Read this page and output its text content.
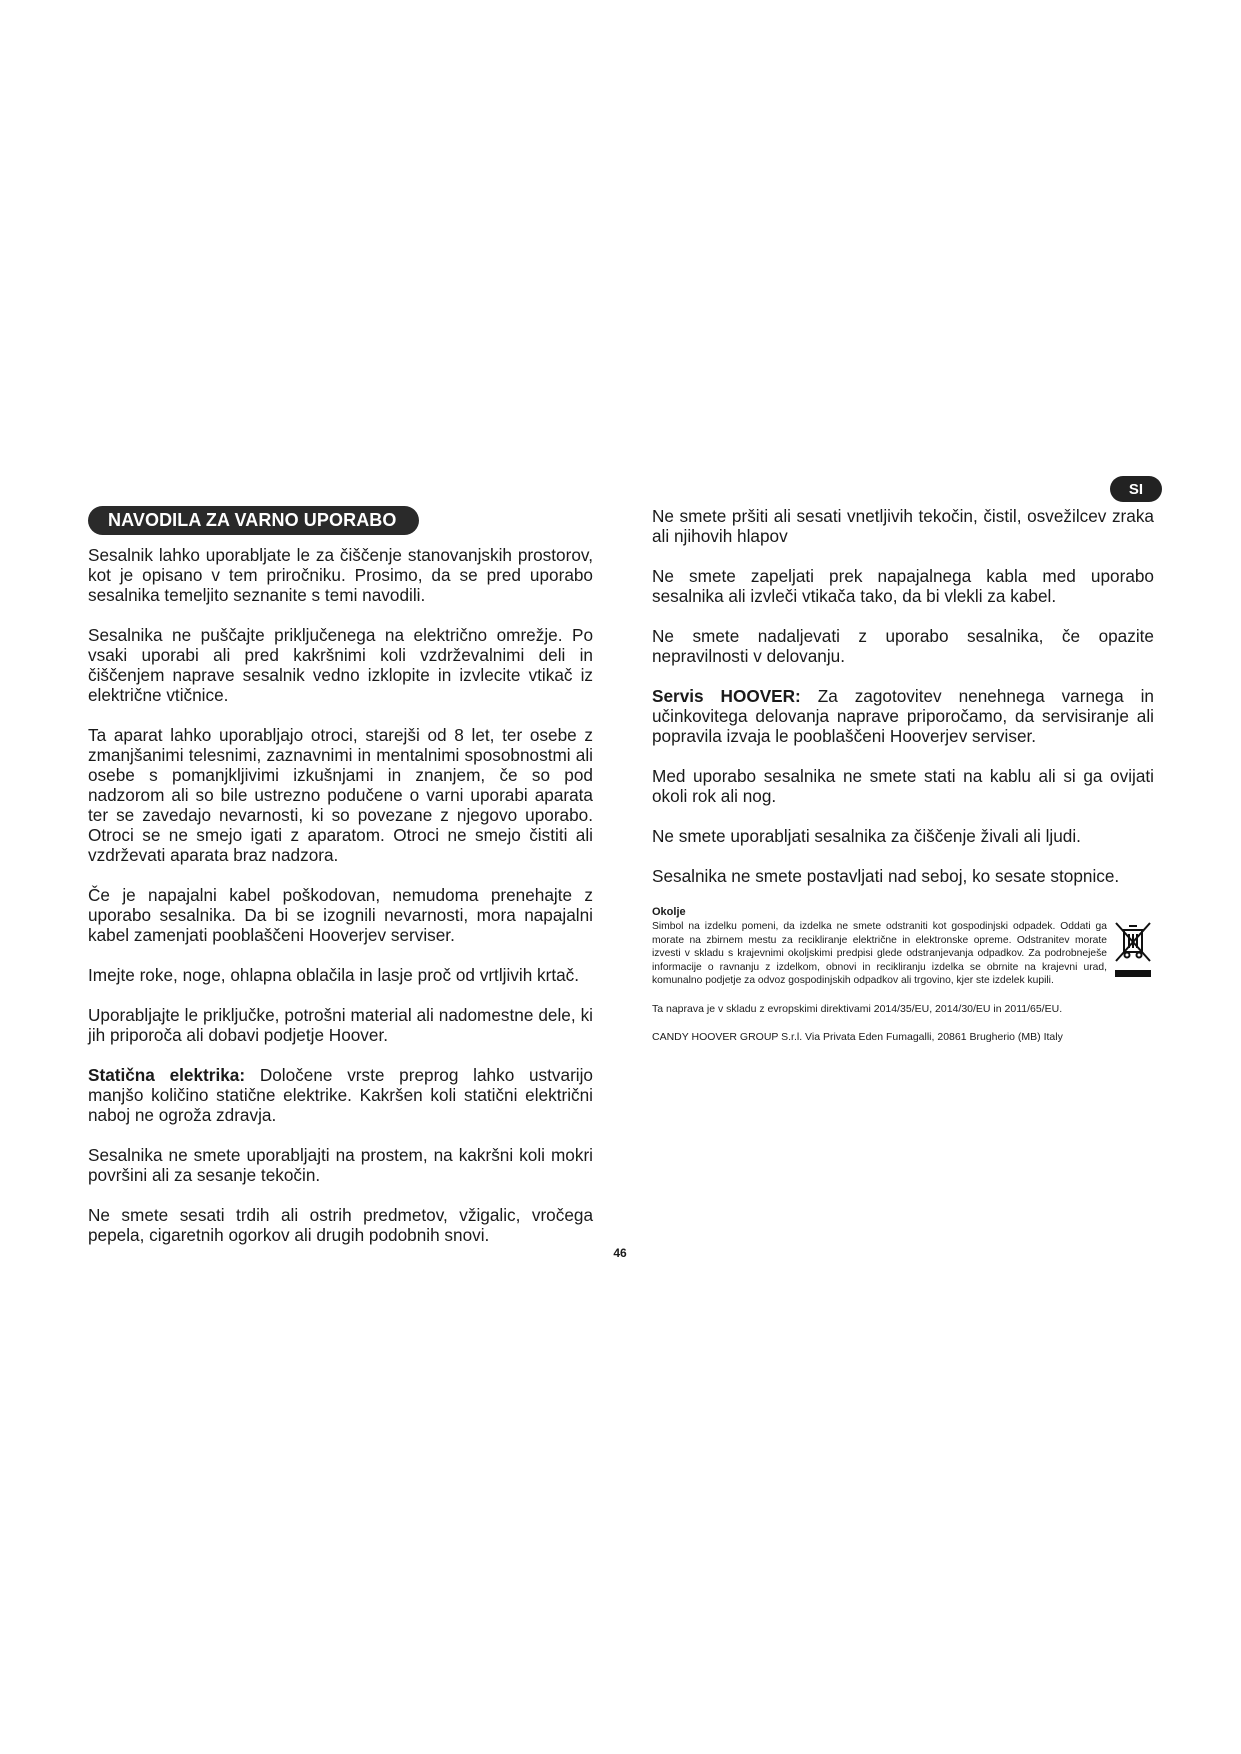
SI
NAVODILA ZA VARNO UPORABO

Sesalnik lahko uporabljate le za čiščenje stanovanjskih prostorov, kot je opisano v tem priročniku. Prosimo, da se pred uporabo sesalnika temeljito seznanite s temi navodili.

Sesalnika ne puščajte priključenega na električno omrežje. Po vsaki uporabi ali pred kakršnimi koli vzdrževalnimi deli in čiščenjem naprave sesalnik vedno izklopite in izvlecite vtikač iz električne vtičnice.

Ta aparat lahko uporabljajo otroci, starejši od 8 let, ter osebe z zmanjšanimi telesnimi, zaznavnimi in mentalnimi sposobnostmi ali osebe s pomanjkljivimi izkušnjami in znanjem, če so pod nadzorom ali so bile ustrezno podučene o varni uporabi aparata ter se zavedajo nevarnosti, ki so povezane z njegovo uporabo. Otroci se ne smejo igati z aparatom. Otroci ne smejo čistiti ali vzdrževati aparata braz nadzora.

Če je napajalni kabel poškodovan, nemudoma prenehajte z uporabo sesalnika. Da bi se izognili nevarnosti, mora napajalni kabel zamenjati pooblaščeni Hooverjev serviser.

Imejte roke, noge, ohlapna oblačila in lasje proč od vrtljivih krtač.

Uporabljajte le priključke, potrošni material ali nadomestne dele, ki jih priporoča ali dobavi podjetje Hoover.

Statična elektrika: Določene vrste preprog lahko ustvarijo manjšo količino statične elektrike. Kakršen koli statični električni naboj ne ogroža zdravja.

Sesalnika ne smete uporabljajti na prostem, na kakršni koli mokri površini ali za sesanje tekočin.

Ne smete sesati trdih ali ostrih predmetov, vžigalic, vročega pepela, cigaretnih ogorkov ali drugih podobnih snovi.

Ne smete pršiti ali sesati vnetljivih tekočin, čistil, osvežilcev zraka ali njihovih hlapov

Ne smete zapeljati prek napajalnega kabla med uporabo sesalnika ali izvleči vtikača tako, da bi vlekli za kabel.

Ne smete nadaljevati z uporabo sesalnika, če opazite nepravilnosti v delovanju.

Servis HOOVER: Za zagotovitev nenehnega varnega in učinkovitega delovanja naprave priporočamo, da servisiranje ali popravila izvaja le pooblaščeni Hooverjev serviser.

Med uporabo sesalnika ne smete stati na kablu ali si ga ovijati okoli rok ali nog.

Ne smete uporabljati sesalnika za čiščenje živali ali ljudi.

Sesalnika ne smete postavljati nad seboj, ko sesate stopnice.

Okolje

Simbol na izdelku pomeni, da izdelka ne smete odstraniti kot gospodinjski odpadek. Oddati ga morate na zbirnem mestu za recikliranje električne in elektronske opreme. Odstranitev morate izvesti v skladu s krajevnimi okoljskimi predpisi glede odstranjevanja odpadkov. Za podrobneješe informacije o ravnanju z izdelkom, obnovi in recikliranju izdelka se obrnite na krajevni urad, komunalno podjetje za odvoz gospodinjskih odpadkov ali trgovino, kjer ste izdelek kupili.

Ta naprava je v skladu z evropskimi direktivami 2014/35/EU, 2014/30/EU in 2011/65/EU.

CANDY HOOVER GROUP S.r.l. Via Privata Eden Fumagalli, 20861 Brugherio (MB) Italy

46
